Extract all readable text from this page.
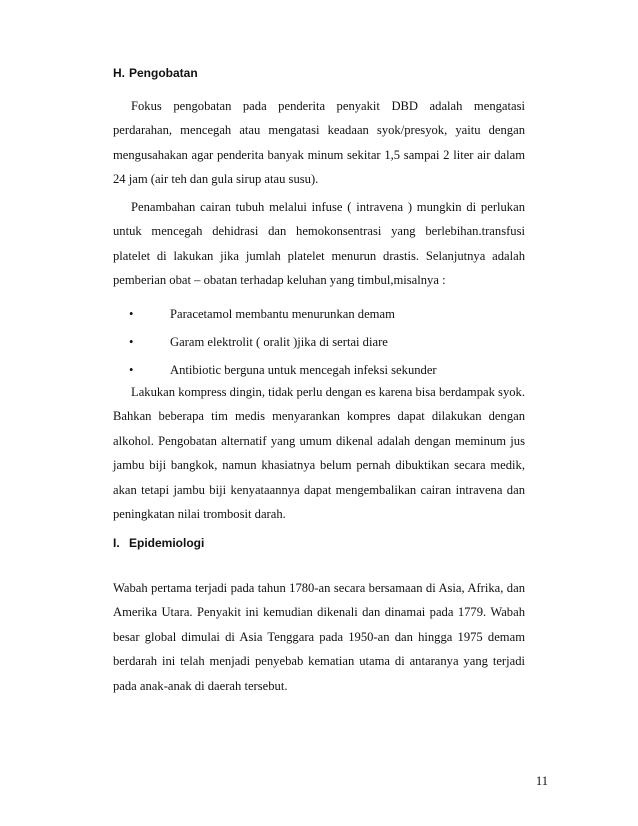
H. Pengobatan

Fokus pengobatan pada penderita penyakit DBD adalah mengatasi perdarahan, mencegah atau mengatasi keadaan syok/presyok, yaitu dengan mengusahakan agar penderita banyak minum sekitar 1,5 sampai 2 liter air dalam 24 jam (air teh dan gula sirup atau susu).

Penambahan cairan tubuh melalui infuse ( intravena ) mungkin di perlukan untuk mencegah dehidrasi dan hemokonsentrasi yang berlebihan.transfusi platelet di lakukan jika jumlah platelet menurun drastis. Selanjutnya adalah pemberian obat – obatan terhadap keluhan yang timbul,misalnya :

•	Paracetamol membantu menurunkan demam
•	Garam elektrolit ( oralit )jika di sertai diare
•	Antibiotic berguna untuk mencegah infeksi sekunder

Lakukan kompress dingin, tidak perlu dengan es karena bisa berdampak syok. Bahkan beberapa tim medis menyarankan kompres dapat dilakukan dengan alkohol. Pengobatan alternatif yang umum dikenal adalah dengan meminum jus jambu biji bangkok, namun khasiatnya belum pernah dibuktikan secara medik, akan tetapi jambu biji kenyataannya dapat mengembalikan cairan intravena dan peningkatan nilai trombosit darah.

I. Epidemiologi

Wabah pertama terjadi pada tahun 1780-an secara bersamaan di Asia, Afrika, dan Amerika Utara. Penyakit ini kemudian dikenali dan dinamai pada 1779. Wabah besar global dimulai di Asia Tenggara pada 1950-an dan hingga 1975 demam berdarah ini telah menjadi penyebab kematian utama di antaranya yang terjadi pada anak-anak di daerah tersebut.

11
